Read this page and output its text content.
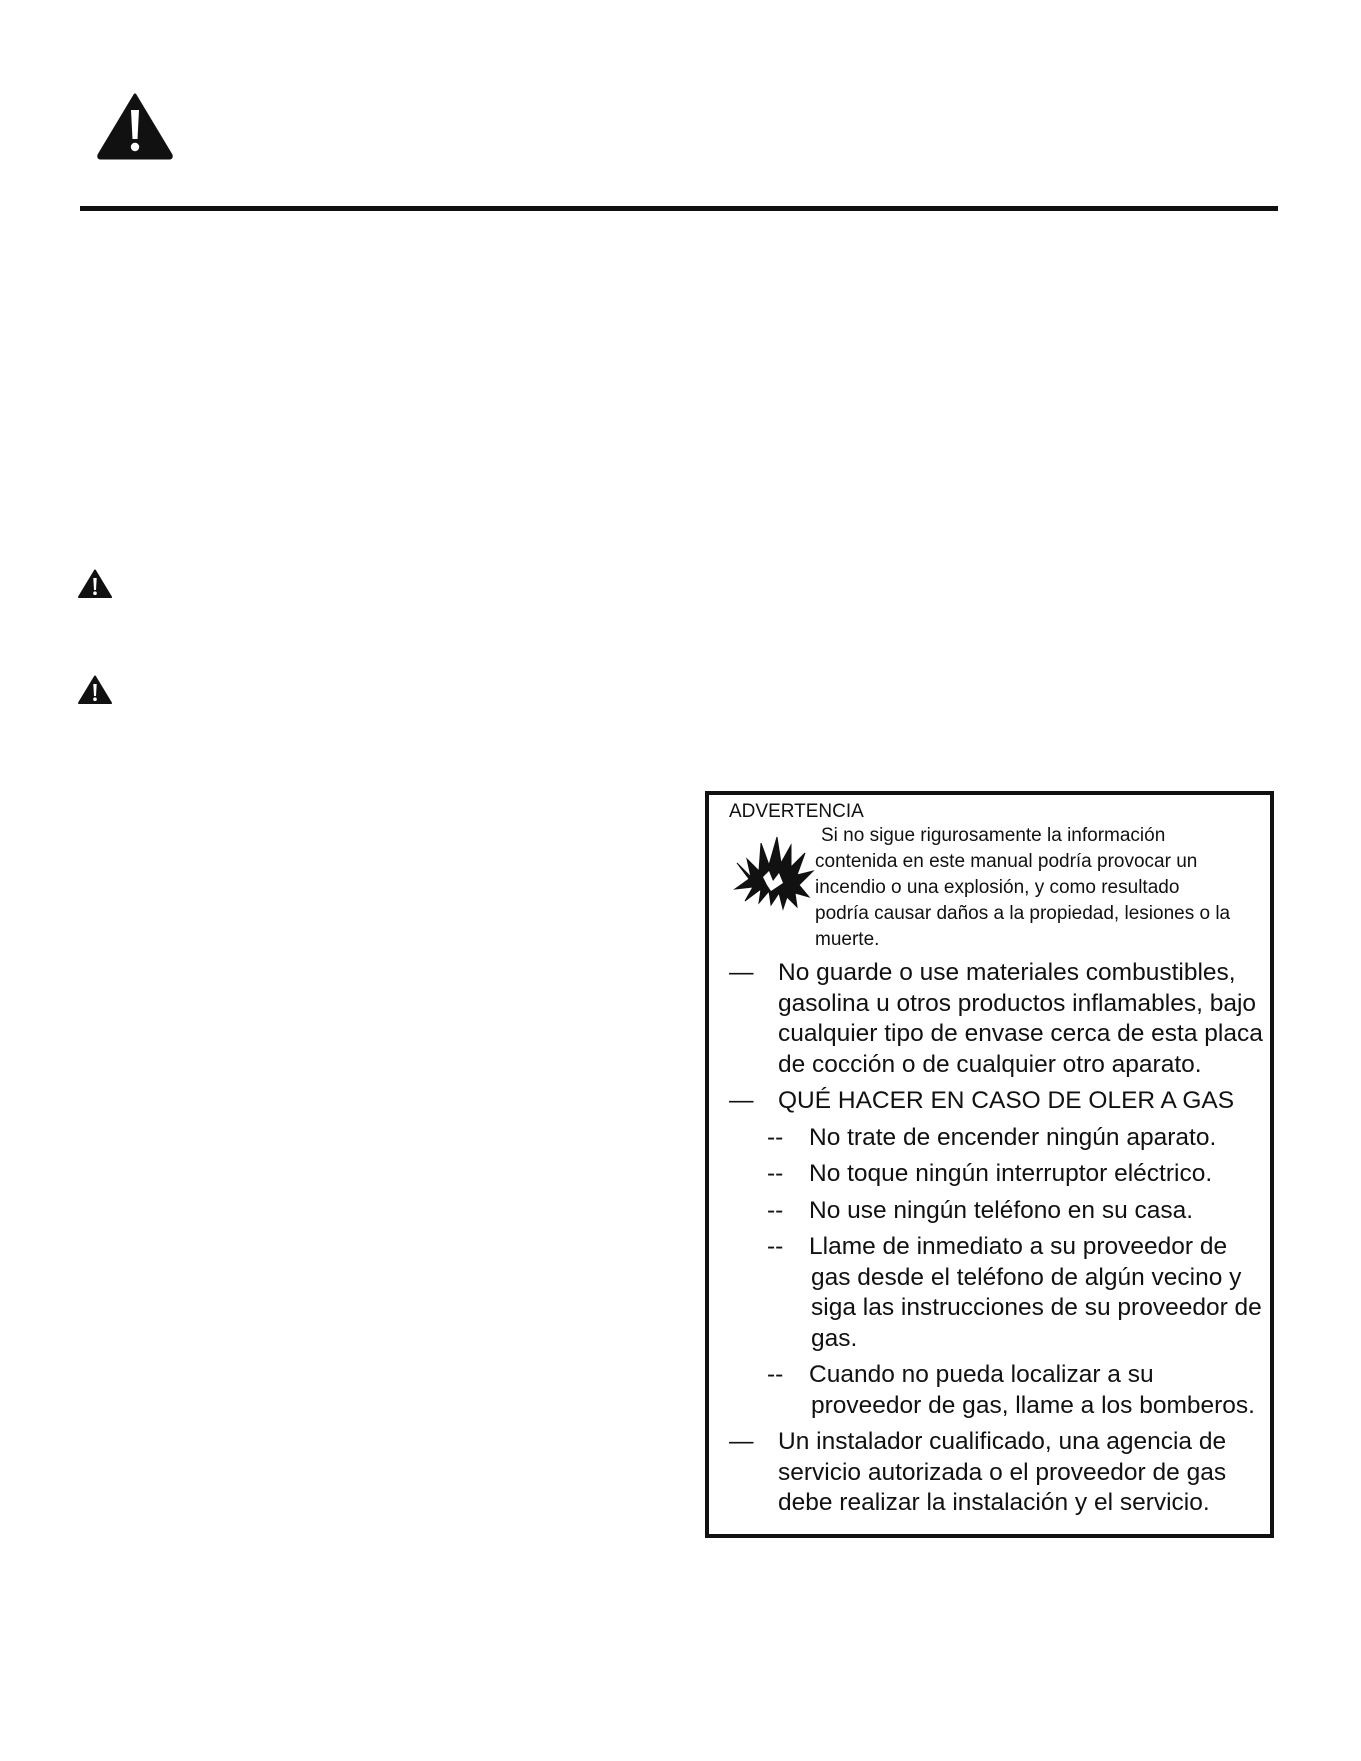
ADVERTENCIA
Si no sigue rigurosamente la información
contenida en este manual podría provocar un
incendio o una explosión, y como resultado
podría causar daños a la propiedad, lesiones o la
muerte.
— No guarde o use materiales combustibles,
gasolina u otros productos inflamables, bajo
cualquier tipo de envase cerca de esta placa
de cocción o de cualquier otro aparato.
— QUÉ HACER EN CASO DE OLER A GAS
-- No trate de encender ningún aparato.
-- No toque ningún interruptor eléctrico.
-- No use ningún teléfono en su casa.
-- Llame de inmediato a su proveedor de
gas desde el teléfono de algún vecino y
siga las instrucciones de su proveedor de
gas.
-- Cuando no pueda localizar a su
proveedor de gas, llame a los bomberos.
— Un instalador cualificado, una agencia de
servicio autorizada o el proveedor de gas
debe realizar la instalación y el servicio.
